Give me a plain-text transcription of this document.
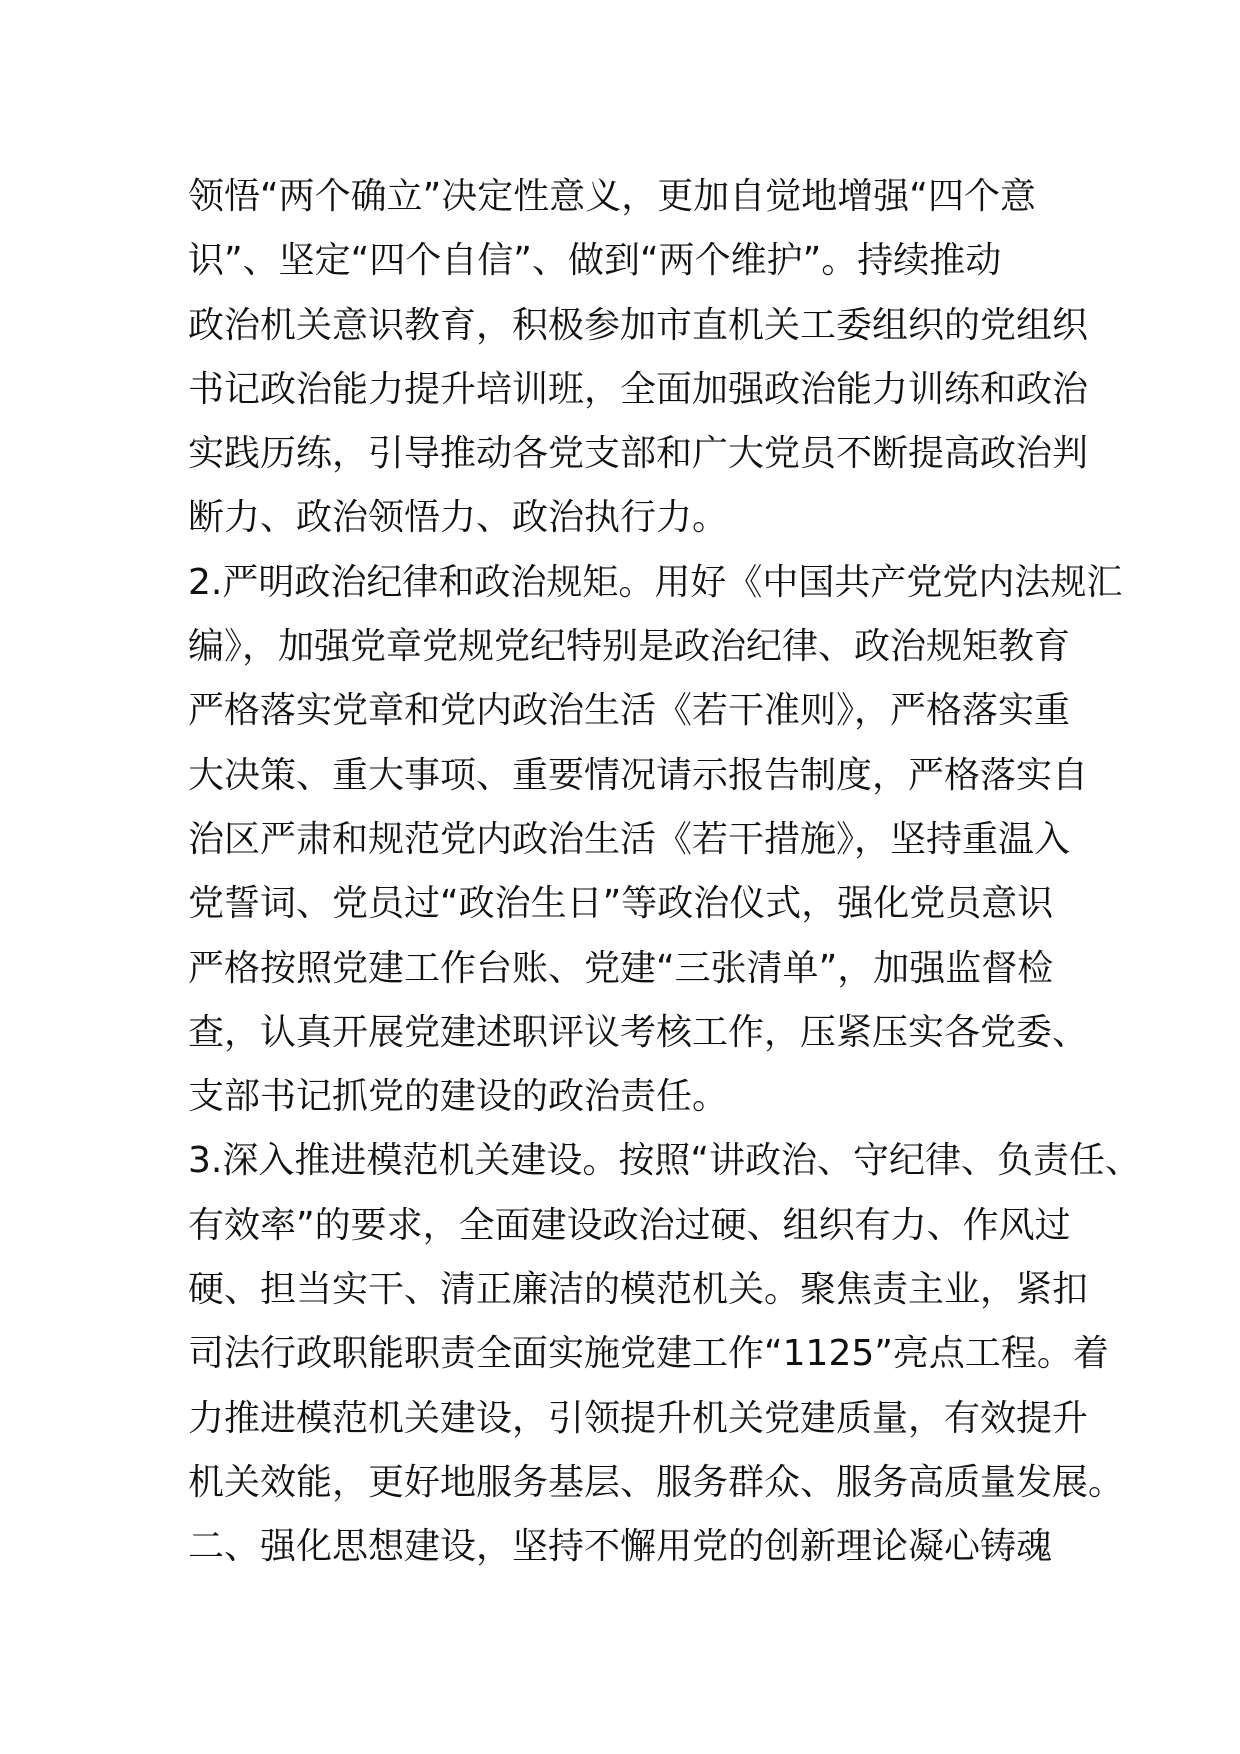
领悟“两个确立”决定性意义，更加自觉地增强“四个意
识”、坚定“四个自信”、做到“两个维护”。持续推动
政治机关意识教育，积极参加市直机关工委组织的党组织
书记政治能力提升培训班，全面加强政治能力训练和政治
实践历练，引导推动各党支部和广大党员不断提高政治判
断力、政治领悟力、政治执行力。
2.严明政治纪律和政治规矩。用好《中国共产党党内法规汇
编》，加强党章党规党纪特别是政治纪律、政治规矩教育
严格落实党章和党内政治生活《若干准则》，严格落实重
大决策、重大事项、重要情况请示报告制度，严格落实自
治区严肃和规范党内政治生活《若干措施》，坚持重温入
党誓词、党员过“政治生日”等政治仪式，强化党员意识
严格按照党建工作台账、党建“三张清单”，加强监督检
查，认真开展党建述职评议考核工作，压紧压实各党委、
支部书记抓党的建设的政治责任。
3.深入推进模范机关建设。按照“讲政治、守纪律、负责任、
有效率”的要求，全面建设政治过硬、组织有力、作风过
硬、担当实干、清正廉洁的模范机关。聚焦责主业，紧扣
司法行政职能职责全面实施党建工作“1125”亮点工程。着
力推进模范机关建设，引领提升机关党建质量，有效提升
机关效能，更好地服务基层、服务群众、服务高质量发展。
二、强化思想建设，坚持不懈用党的创新理论凝心铸魂
